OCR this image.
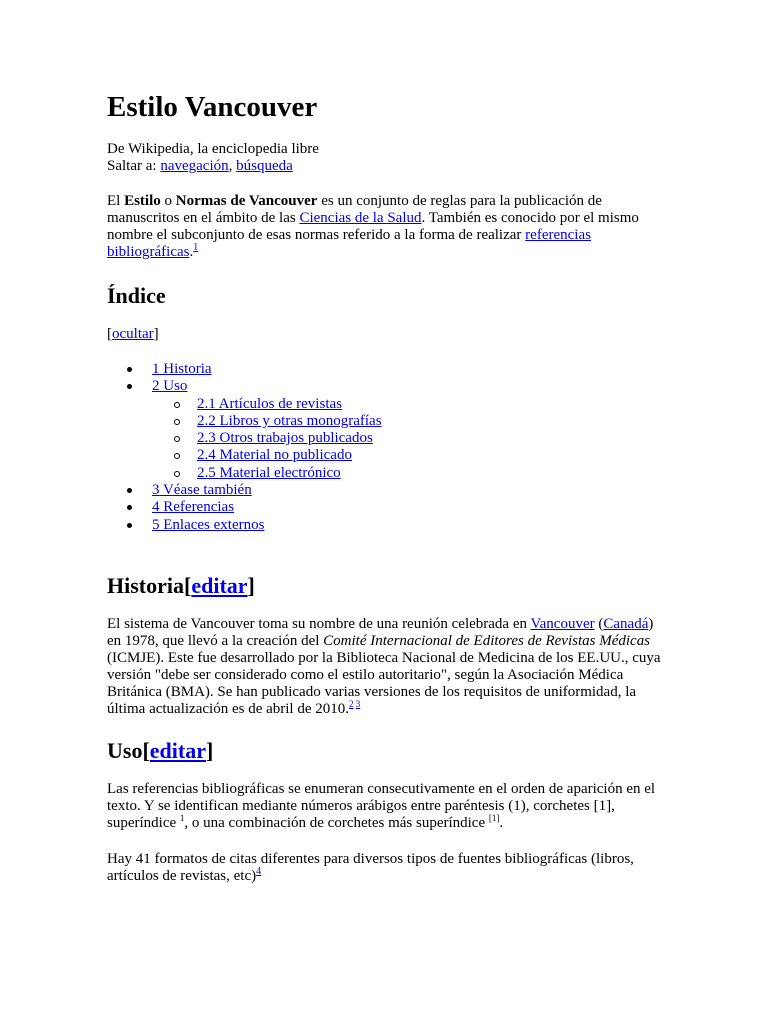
Estilo Vancouver
De Wikipedia, la enciclopedia libre
Saltar a: navegación, búsqueda

El Estilo o Normas de Vancouver es un conjunto de reglas para la publicación de manuscritos en el ámbito de las Ciencias de la Salud. También es conocido por el mismo nombre el subconjunto de esas normas referido a la forma de realizar referencias bibliográficas.$^1$

Índice
[ocultar]
1 Historia
2 Uso
2.1 Artículos de revistas
2.2 Libros y otras monografías
2.3 Otros trabajos publicados
2.4 Material no publicado
2.5 Material electrónico
3 Véase también
4 Referencias
5 Enlaces externos
Historia[editar]

El sistema de Vancouver toma su nombre de una reunión celebrada en Vancouver (Canadá) en 1978, que llevó a la creación del Comité Internacional de Editores de Revistas Médicas (ICMJE). Este fue desarrollado por la Biblioteca Nacional de Medicina de los EE.UU., cuya versión "debe ser considerado como el estilo autoritario", según la Asociación Médica Británica (BMA). Se han publicado varias versiones de los requisitos de uniformidad, la última actualización es de abril de 2010.$^{2 3}$

Uso[editar]

Las referencias bibliográficas se enumeran consecutivamente en el orden de aparición en el texto. Y se identifican mediante números arábigos entre paréntesis (1), corchetes [1], superíndice $^1$, o una combinación de corchetes más superíndice [1].

Hay 41 formatos de citas diferentes para diversos tipos de fuentes bibliográficas (libros, artículos de revistas, etc)$^4$
